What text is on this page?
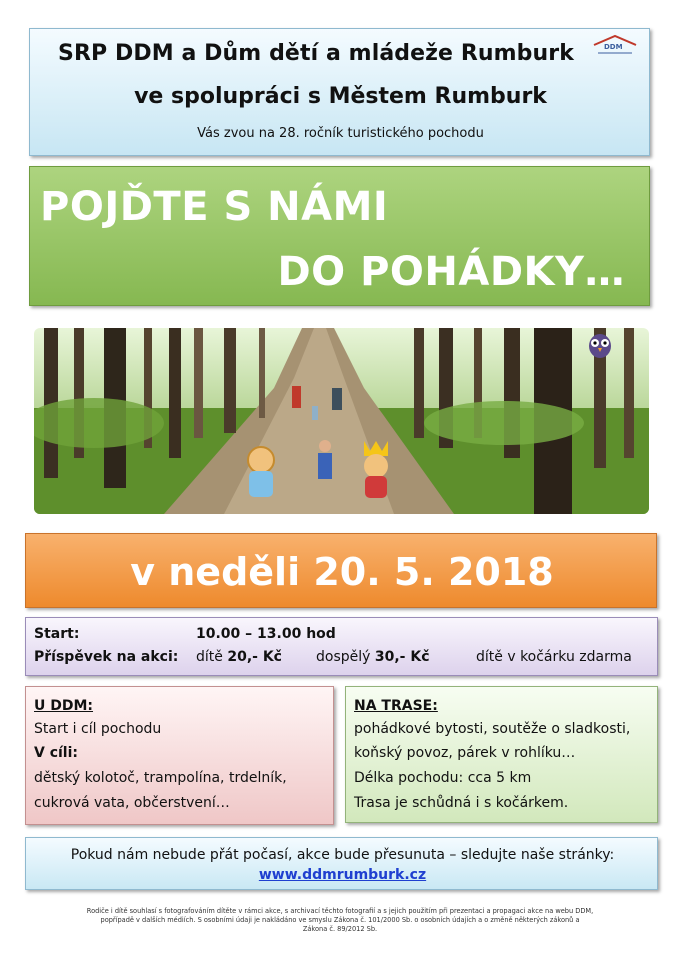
SRP DDM a Dům dětí a mládeže Rumburk	DDM
ve spolupráci s Městem Rumburk
Vás zvou na 28. ročník turistického pochodu
POJĎTE S NÁMI
DO POHÁDKY…
v neděli 20. 5. 2018
Start:	10.00 – 13.00 hod
Příspěvek na akci: dítě 20,- Kč dospělý 30,- Kč	dítě v kočárku zdarma
U DDM:
Start i cíl pochodu
V cíli:
dětský kolotoč, trampolína, trdelník,
cukrová vata, občerstvení…
NA TRASE:
pohádkové bytosti, soutěže o sladkosti,
koňský povoz, párek v rohlíku…
Délka pochodu: cca 5 km
Trasa je schůdná i s kočárkem.
Pokud nám nebude přát počasí, akce bude přesunuta – sledujte naše stránky:
www.ddmrumburk.cz
Rodiče i dítě souhlasí s fotografováním dítěte v rámci akce, s archivací těchto fotografií a s jejich použitím při prezentaci a propagaci akce na webu DDM,
popřípadě v dalších médiích. S osobními údaji je nakládáno ve smyslu Zákona č. 101/2000 Sb. o osobních údajích a o změně některých zákonů a
Zákona č. 89/2012 Sb.
